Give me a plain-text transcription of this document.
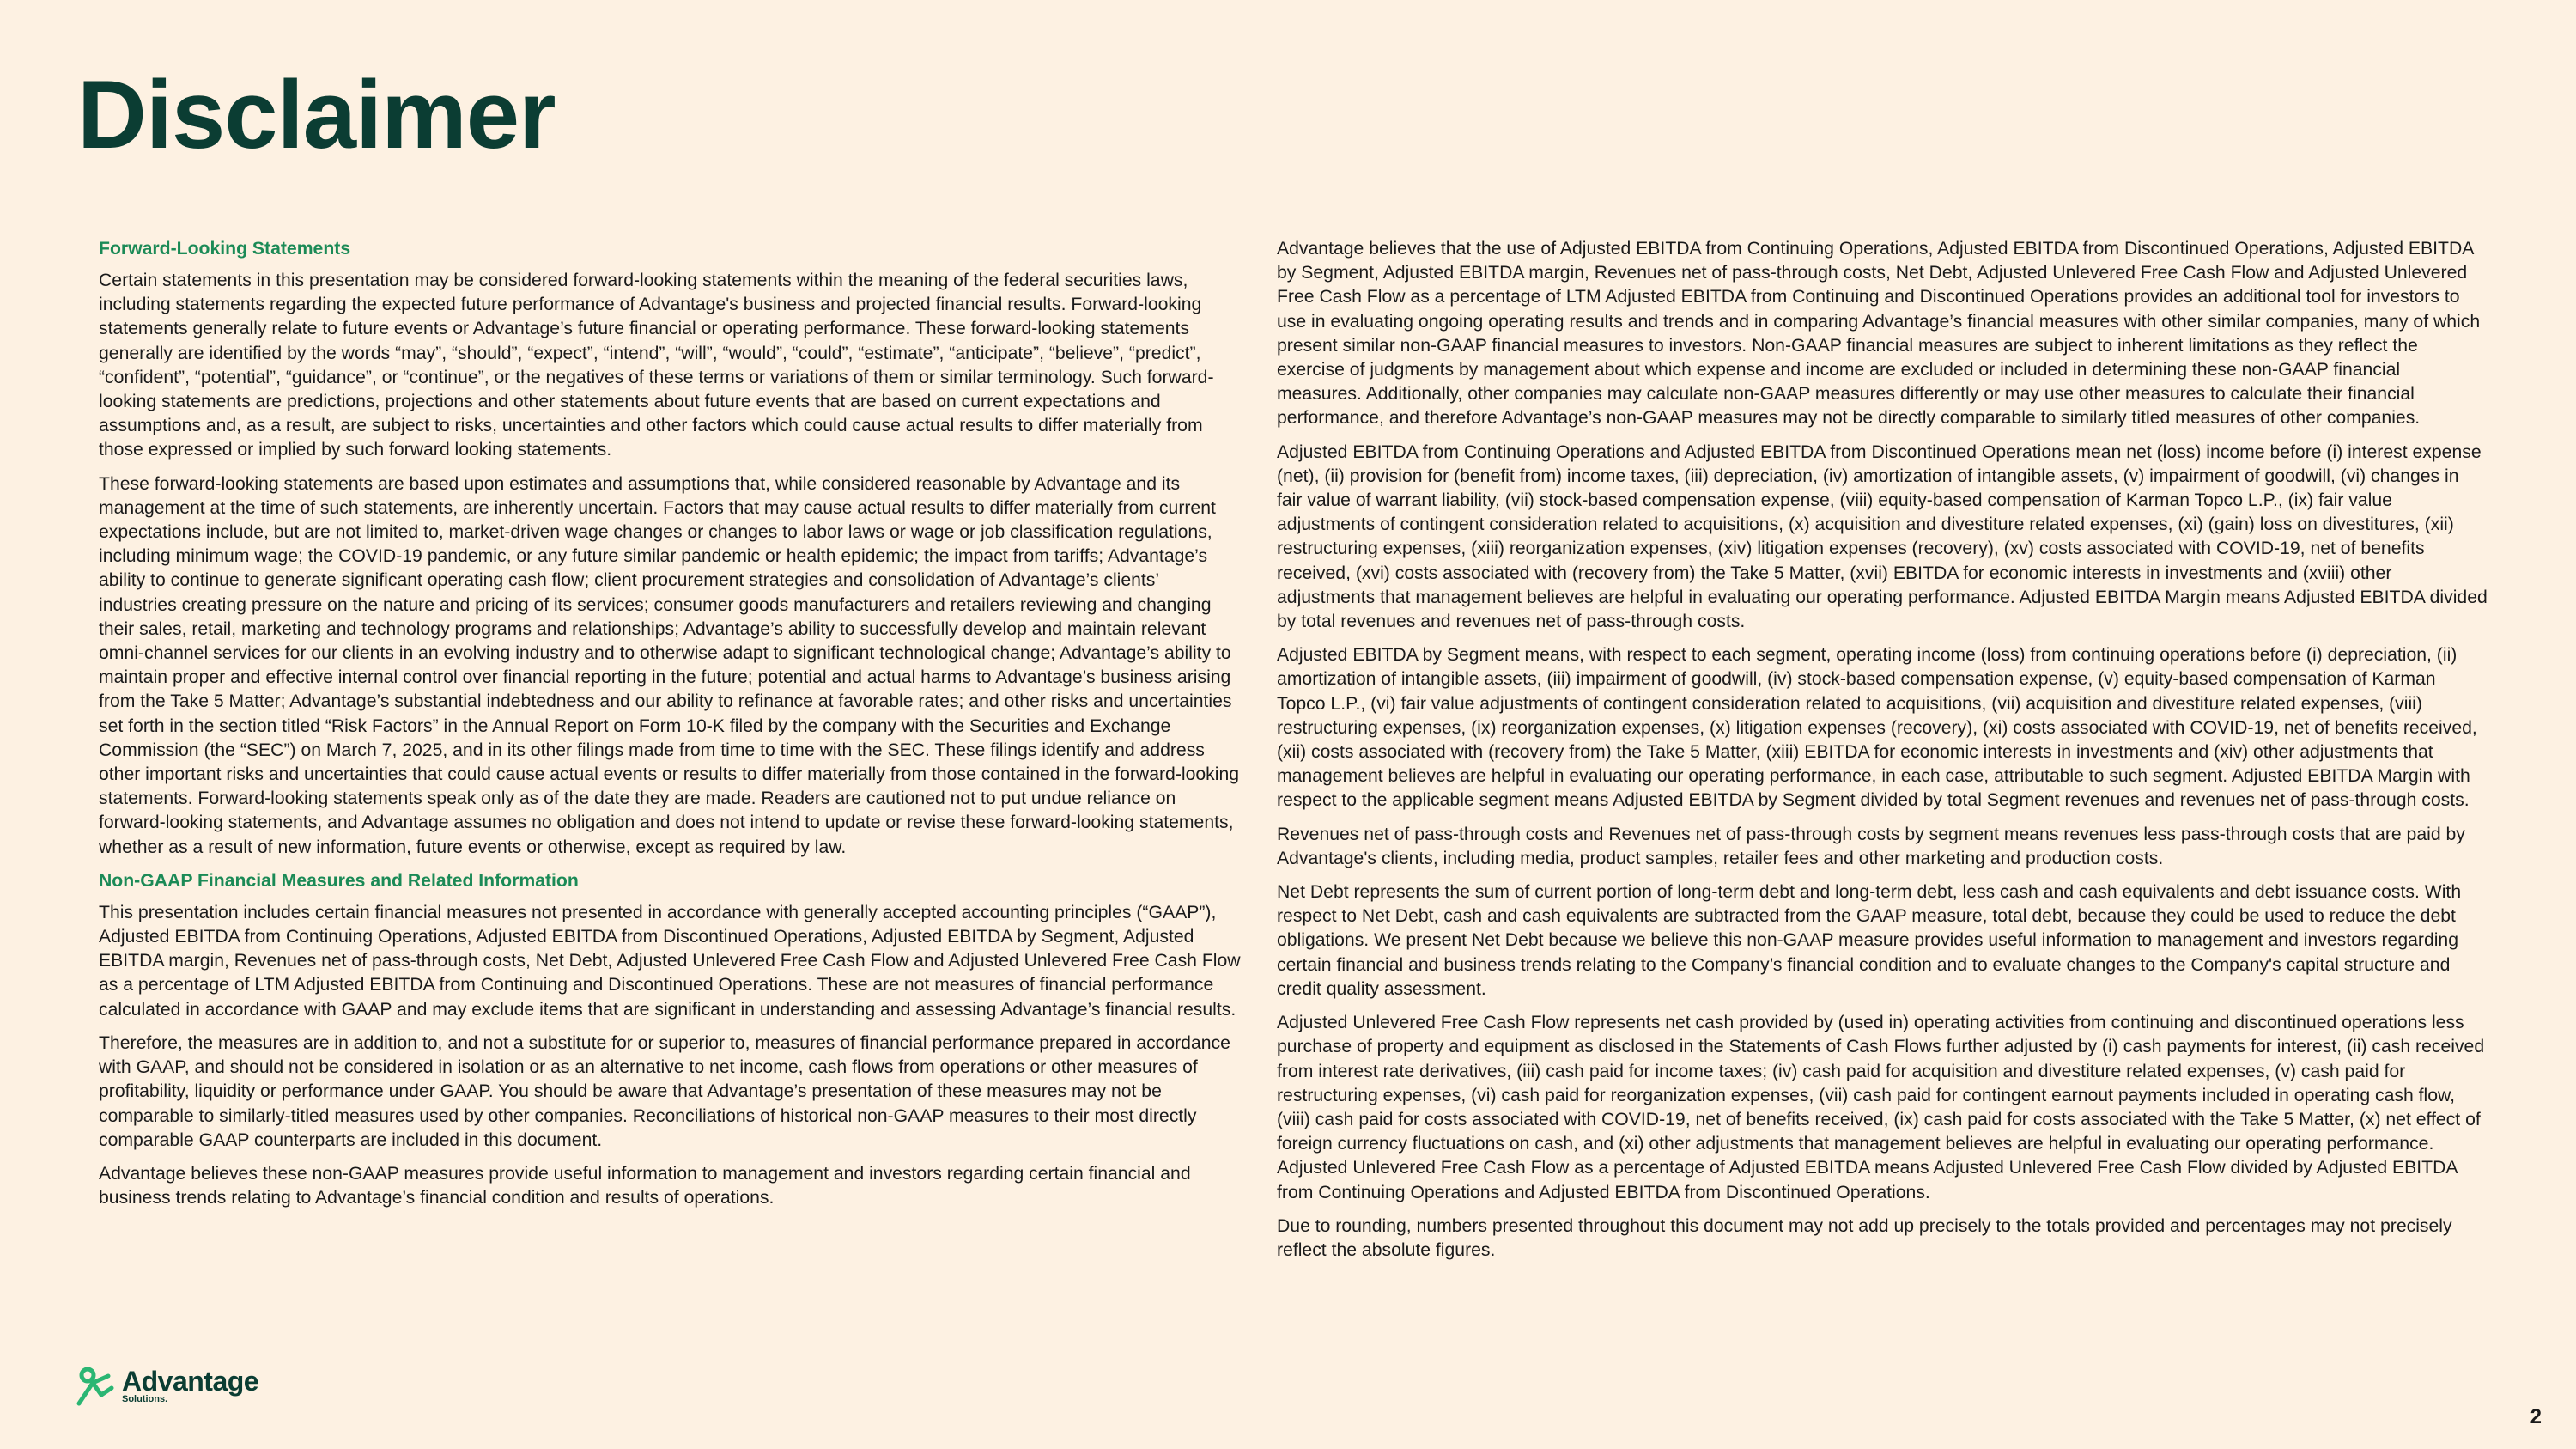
Disclaimer
Forward-Looking Statements

Certain statements in this presentation may be considered forward-looking statements within the meaning of the federal securities laws, including statements regarding the expected future performance of Advantage's business and projected financial results. Forward-looking statements generally relate to future events or Advantage’s future financial or operating performance. These forward-looking statements generally are identified by the words “may”, “should”, “expect”, “intend”, “will”, “would”, “could”, “estimate”, “anticipate”, “believe”, “predict”, “confident”, “potential”, “guidance”, or “continue”, or the negatives of these terms or variations of them or similar terminology. Such forward-looking statements are predictions, projections and other statements about future events that are based on current expectations and assumptions and, as a result, are subject to risks, uncertainties and other factors which could cause actual results to differ materially from those expressed or implied by such forward looking statements.

These forward-looking statements are based upon estimates and assumptions that, while considered reasonable by Advantage and its management at the time of such statements, are inherently uncertain. Factors that may cause actual results to differ materially from current expectations include, but are not limited to, market-driven wage changes or changes to labor laws or wage or job classification regulations, including minimum wage; the COVID-19 pandemic, or any future similar pandemic or health epidemic; the impact from tariffs; Advantage’s ability to continue to generate significant operating cash flow; client procurement strategies and consolidation of Advantage’s clients’ industries creating pressure on the nature and pricing of its services; consumer goods manufacturers and retailers reviewing and changing their sales, retail, marketing and technology programs and relationships; Advantage’s ability to successfully develop and maintain relevant omni-channel services for our clients in an evolving industry and to otherwise adapt to significant technological change; Advantage’s ability to maintain proper and effective internal control over financial reporting in the future; potential and actual harms to Advantage’s business arising from the Take 5 Matter; Advantage’s substantial indebtedness and our ability to refinance at favorable rates; and other risks and uncertainties set forth in the section titled “Risk Factors” in the Annual Report on Form 10-K filed by the company with the Securities and Exchange Commission (the “SEC”) on March 7, 2025, and in its other filings made from time to time with the SEC. These filings identify and address other important risks and uncertainties that could cause actual events or results to differ materially from those contained in the forward-looking statements. Forward-looking statements speak only as of the date they are made. Readers are cautioned not to put undue reliance on forward-looking statements, and Advantage assumes no obligation and does not intend to update or revise these forward-looking statements, whether as a result of new information, future events or otherwise, except as required by law.

Non-GAAP Financial Measures and Related Information

This presentation includes certain financial measures not presented in accordance with generally accepted accounting principles (“GAAP”), Adjusted EBITDA from Continuing Operations, Adjusted EBITDA from Discontinued Operations, Adjusted EBITDA by Segment, Adjusted EBITDA margin, Revenues net of pass-through costs, Net Debt, Adjusted Unlevered Free Cash Flow and Adjusted Unlevered Free Cash Flow as a percentage of LTM Adjusted EBITDA from Continuing and Discontinued Operations. These are not measures of financial performance calculated in accordance with GAAP and may exclude items that are significant in understanding and assessing Advantage’s financial results.

Therefore, the measures are in addition to, and not a substitute for or superior to, measures of financial performance prepared in accordance with GAAP, and should not be considered in isolation or as an alternative to net income, cash flows from operations or other measures of profitability, liquidity or performance under GAAP. You should be aware that Advantage’s presentation of these measures may not be comparable to similarly-titled measures used by other companies. Reconciliations of historical non-GAAP measures to their most directly comparable GAAP counterparts are included in this document.

Advantage believes these non-GAAP measures provide useful information to management and investors regarding certain financial and business trends relating to Advantage’s financial condition and results of operations.

Advantage believes that the use of Adjusted EBITDA from Continuing Operations, Adjusted EBITDA from Discontinued Operations, Adjusted EBITDA by Segment, Adjusted EBITDA margin, Revenues net of pass-through costs, Net Debt, Adjusted Unlevered Free Cash Flow and Adjusted Unlevered Free Cash Flow as a percentage of LTM Adjusted EBITDA from Continuing and Discontinued Operations provides an additional tool for investors to use in evaluating ongoing operating results and trends and in comparing Advantage’s financial measures with other similar companies, many of which present similar non-GAAP financial measures to investors. Non-GAAP financial measures are subject to inherent limitations as they reflect the exercise of judgments by management about which expense and income are excluded or included in determining these non-GAAP financial measures. Additionally, other companies may calculate non-GAAP measures differently or may use other measures to calculate their financial performance, and therefore Advantage’s non-GAAP measures may not be directly comparable to similarly titled measures of other companies.

Adjusted EBITDA from Continuing Operations and Adjusted EBITDA from Discontinued Operations mean net (loss) income before (i) interest expense (net), (ii) provision for (benefit from) income taxes, (iii) depreciation, (iv) amortization of intangible assets, (v) impairment of goodwill, (vi) changes in fair value of warrant liability, (vii) stock-based compensation expense, (viii) equity-based compensation of Karman Topco L.P., (ix) fair value adjustments of contingent consideration related to acquisitions, (x) acquisition and divestiture related expenses, (xi) (gain) loss on divestitures, (xii) restructuring expenses, (xiii) reorganization expenses, (xiv) litigation expenses (recovery), (xv) costs associated with COVID-19, net of benefits received, (xvi) costs associated with (recovery from) the Take 5 Matter, (xvii) EBITDA for economic interests in investments and (xviii) other adjustments that management believes are helpful in evaluating our operating performance. Adjusted EBITDA Margin means Adjusted EBITDA divided by total revenues and revenues net of pass-through costs.

Adjusted EBITDA by Segment means, with respect to each segment, operating income (loss) from continuing operations before (i) depreciation, (ii) amortization of intangible assets, (iii) impairment of goodwill, (iv) stock-based compensation expense, (v) equity-based compensation of Karman Topco L.P., (vi) fair value adjustments of contingent consideration related to acquisitions, (vii) acquisition and divestiture related expenses, (viii) restructuring expenses, (ix) reorganization expenses, (x) litigation expenses (recovery), (xi) costs associated with COVID-19, net of benefits received, (xii) costs associated with (recovery from) the Take 5 Matter, (xiii) EBITDA for economic interests in investments and (xiv) other adjustments that management believes are helpful in evaluating our operating performance, in each case, attributable to such segment. Adjusted EBITDA Margin with respect to the applicable segment means Adjusted EBITDA by Segment divided by total Segment revenues and revenues net of pass-through costs.

Revenues net of pass-through costs and Revenues net of pass-through costs by segment means revenues less pass-through costs that are paid by Advantage's clients, including media, product samples, retailer fees and other marketing and production costs.

Net Debt represents the sum of current portion of long-term debt and long-term debt, less cash and cash equivalents and debt issuance costs. With respect to Net Debt, cash and cash equivalents are subtracted from the GAAP measure, total debt, because they could be used to reduce the debt obligations. We present Net Debt because we believe this non-GAAP measure provides useful information to management and investors regarding certain financial and business trends relating to the Company’s financial condition and to evaluate changes to the Company's capital structure and credit quality assessment.

Adjusted Unlevered Free Cash Flow represents net cash provided by (used in) operating activities from continuing and discontinued operations less purchase of property and equipment as disclosed in the Statements of Cash Flows further adjusted by (i) cash payments for interest, (ii) cash received from interest rate derivatives, (iii) cash paid for income taxes; (iv) cash paid for acquisition and divestiture related expenses, (v) cash paid for restructuring expenses, (vi) cash paid for reorganization expenses, (vii) cash paid for contingent earnout payments included in operating cash flow, (viii) cash paid for costs associated with COVID-19, net of benefits received, (ix) cash paid for costs associated with the Take 5 Matter, (x) net effect of foreign currency fluctuations on cash, and (xi) other adjustments that management believes are helpful in evaluating our operating performance. Adjusted Unlevered Free Cash Flow as a percentage of Adjusted EBITDA means Adjusted Unlevered Free Cash Flow divided by Adjusted EBITDA from Continuing Operations and Adjusted EBITDA from Discontinued Operations.

Due to rounding, numbers presented throughout this document may not add up precisely to the totals provided and percentages may not precisely reflect the absolute figures.

Advantage
Solutions.
2
